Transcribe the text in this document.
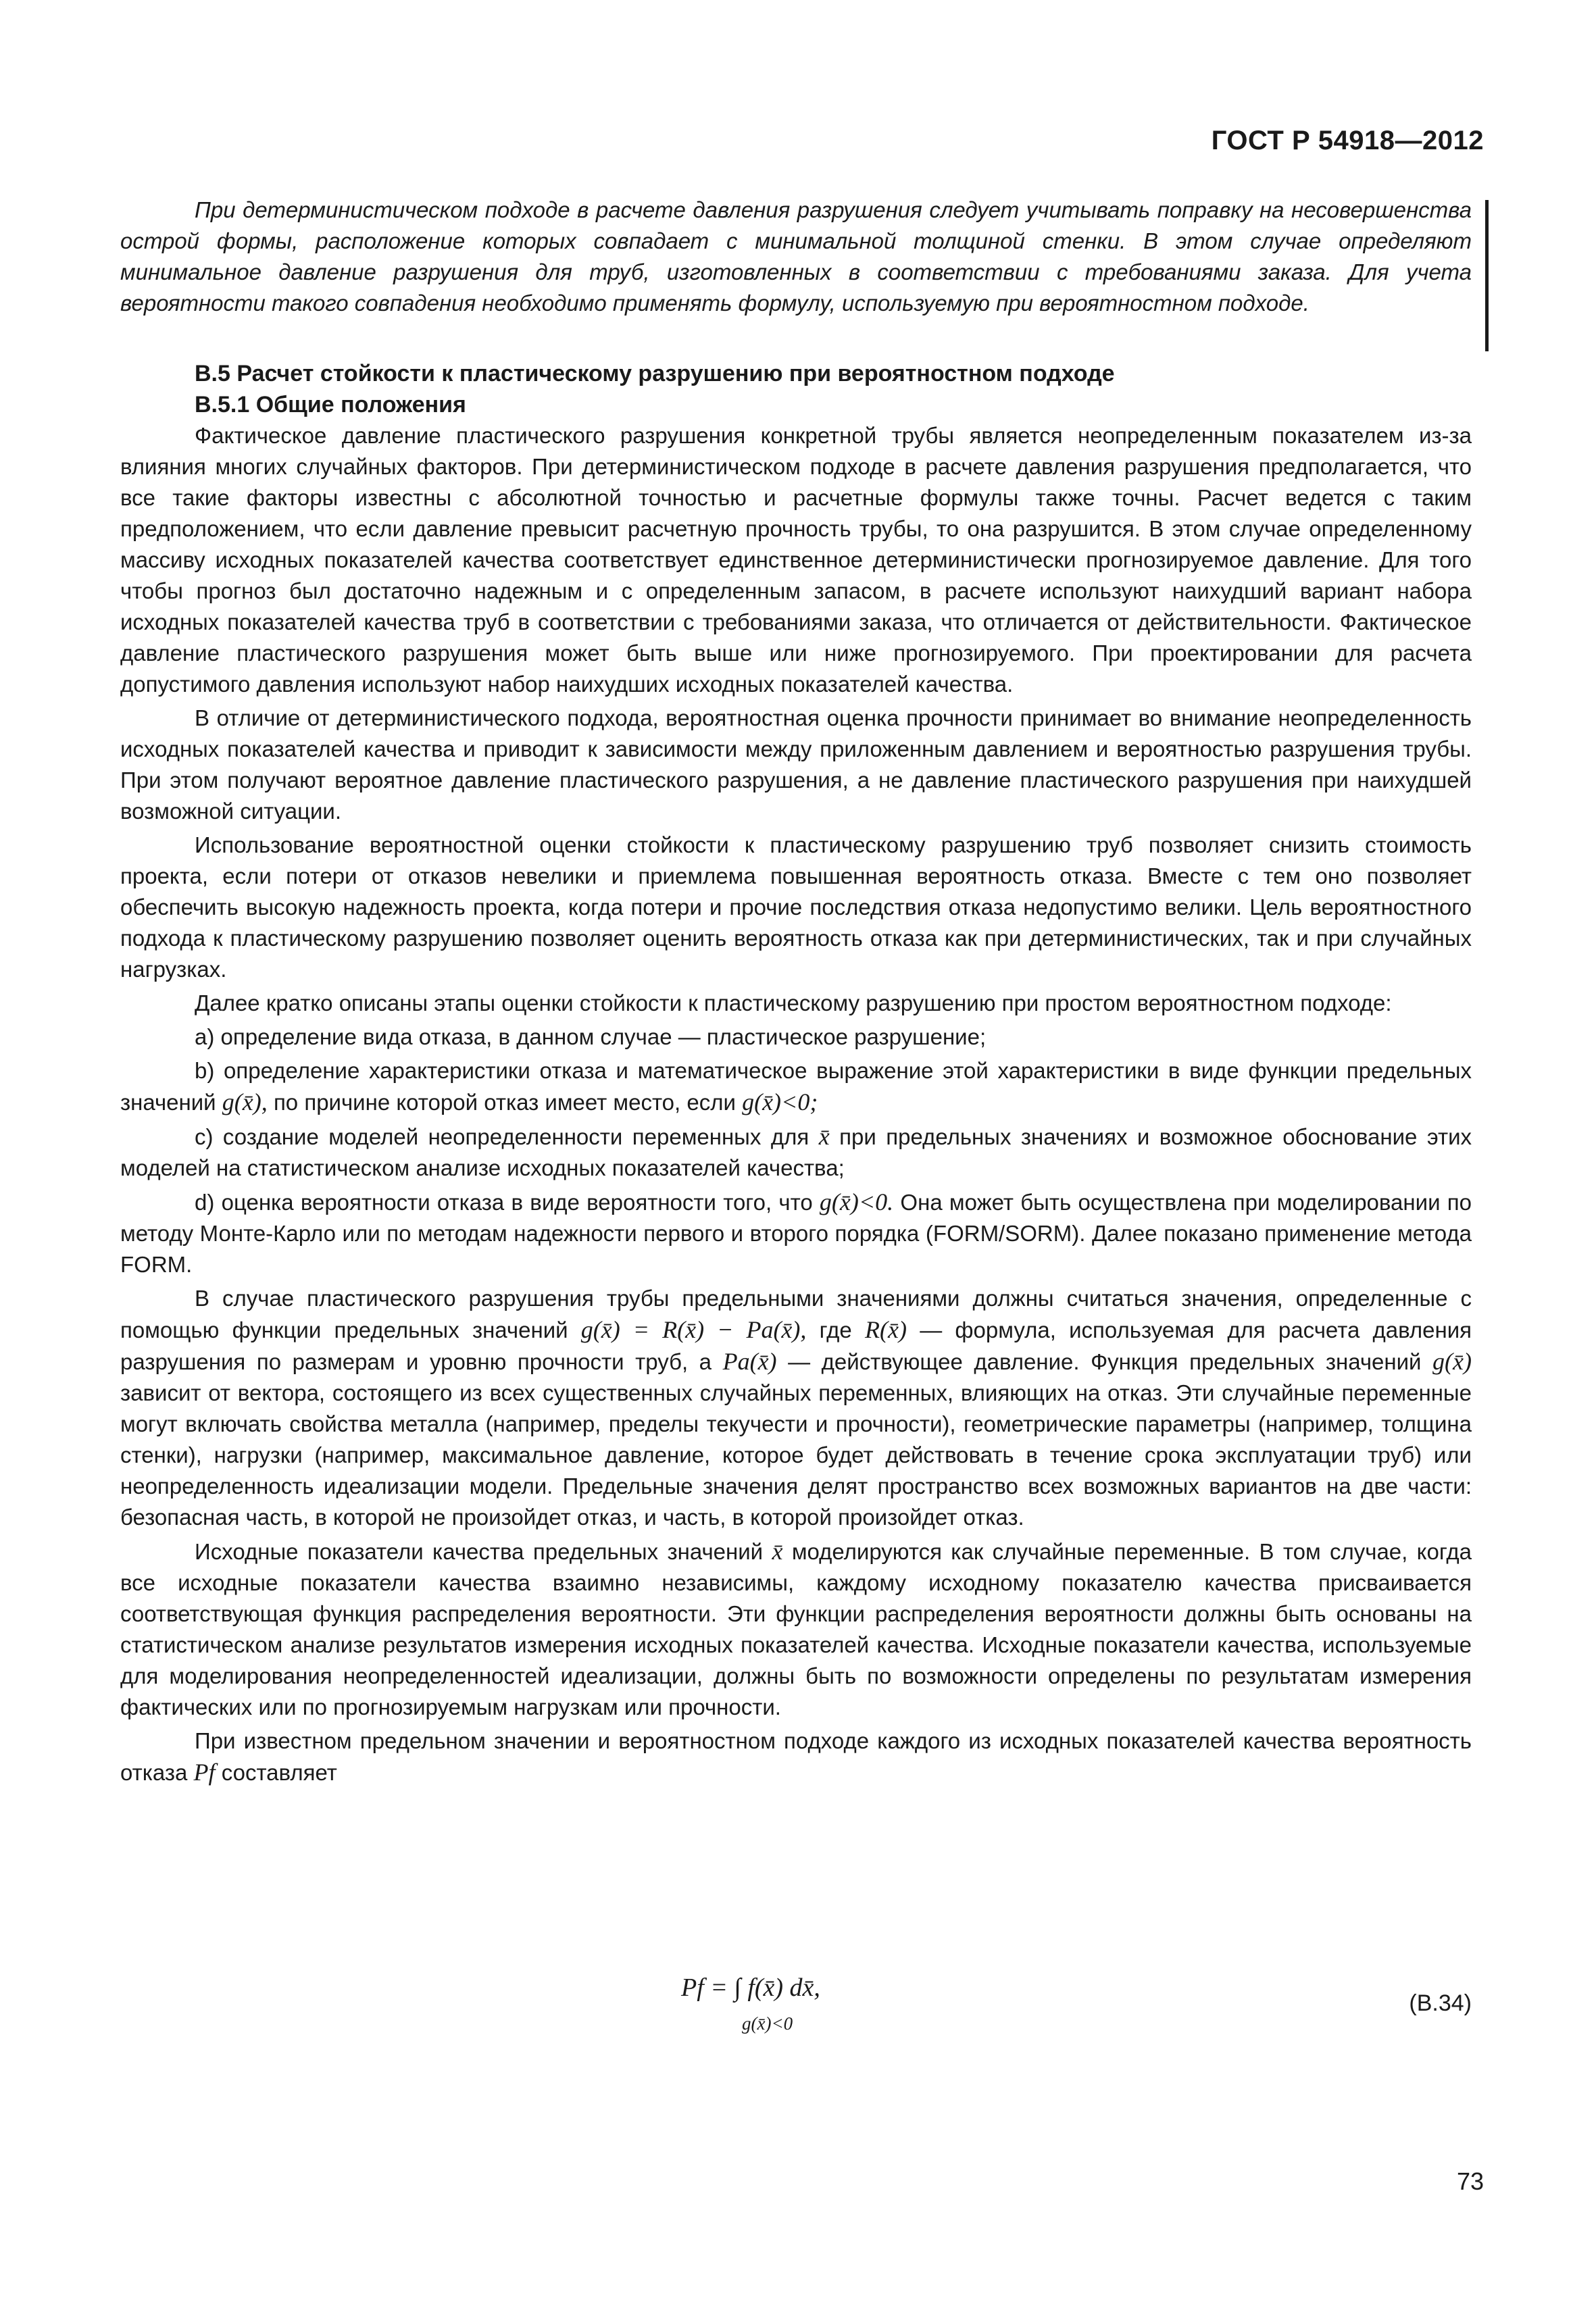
ГОСТ Р 54918—2012

При детерминистическом подходе в расчете давления разрушения следует учитывать поправку на несовершенства острой формы, расположение которых совпадает с минимальной толщиной стенки. В этом случае определяют минимальное давление разрушения для труб, изготовленных в соответствии с требованиями заказа. Для учета вероятности такого совпадения необходимо применять формулу, используемую при вероятностном подходе.

В.5 Расчет стойкости к пластическому разрушению при вероятностном подходе
В.5.1 Общие положения

Фактическое давление пластического разрушения конкретной трубы является неопределенным показателем из-за влияния многих случайных факторов. При детерминистическом подходе в расчете давления разрушения предполагается, что все такие факторы известны с абсолютной точностью и расчетные формулы также точны. Расчет ведется с таким предположением, что если давление превысит расчетную прочность трубы, то она разрушится. В этом случае определенному массиву исходных показателей качества соответствует единственное детерминистически прогнозируемое давление. Для того чтобы прогноз был достаточно надежным и с определенным запасом, в расчете используют наихудший вариант набора исходных показателей качества труб в соответствии с требованиями заказа, что отличается от действительности. Фактическое давление пластического разрушения может быть выше или ниже прогнозируемого. При проектировании для расчета допустимого давления используют набор наихудших исходных показателей качества.

В отличие от детерминистического подхода, вероятностная оценка прочности принимает во внимание неопределенность исходных показателей качества и приводит к зависимости между приложенным давлением и вероятностью разрушения трубы. При этом получают вероятное давление пластического разрушения, а не давление пластического разрушения при наихудшей возможной ситуации.

Использование вероятностной оценки стойкости к пластическому разрушению труб позволяет снизить стоимость проекта, если потери от отказов невелики и приемлема повышенная вероятность отказа. Вместе с тем оно позволяет обеспечить высокую надежность проекта, когда потери и прочие последствия отказа недопустимо велики. Цель вероятностного подхода к пластическому разрушению позволяет оценить вероятность отказа как при детерминистических, так и при случайных нагрузках.

Далее кратко описаны этапы оценки стойкости к пластическому разрушению при простом вероятностном подходе:

а) определение вида отказа, в данном случае — пластическое разрушение;

b) определение характеристики отказа и математическое выражение этой характеристики в виде функции предельных значений g(x̄), по причине которой отказ имеет место, если g(x̄)<0;

c) создание моделей неопределенности переменных для x̄ при предельных значениях и возможное обоснование этих моделей на статистическом анализе исходных показателей качества;

d) оценка вероятности отказа в виде вероятности того, что g(x̄)<0. Она может быть осуществлена при моделировании по методу Монте-Карло или по методам надежности первого и второго порядка (FORM/SORM). Далее показано применение метода FORM.

В случае пластического разрушения трубы предельными значениями должны считаться значения, определенные с помощью функции предельных значений g(x̄) = R(x̄) − Pa(x̄), где R(x̄) — формула, используемая для расчета давления разрушения по размерам и уровню прочности труб, а Pa(x̄) — действующее давление. Функция предельных значений g(x̄) зависит от вектора, состоящего из всех существенных случайных переменных, влияющих на отказ. Эти случайные переменные могут включать свойства металла (например, пределы текучести и прочности), геометрические параметры (например, толщина стенки), нагрузки (например, максимальное давление, которое будет действовать в течение срока эксплуатации труб) или неопределенность идеализации модели. Предельные значения делят пространство всех возможных вариантов на две части: безопасная часть, в которой не произойдет отказ, и часть, в которой произойдет отказ.

Исходные показатели качества предельных значений x̄ моделируются как случайные переменные. В том случае, когда все исходные показатели качества взаимно независимы, каждому исходному показателю качества присваивается соответствующая функция распределения вероятности. Эти функции распределения вероятности должны быть основаны на статистическом анализе результатов измерения исходных показателей качества. Исходные показатели качества, используемые для моделирования неопределенностей идеализации, должны быть по возможности определены по результатам измерения фактических или по прогнозируемым нагрузкам или прочности.

При известном предельном значении и вероятностном подходе каждого из исходных показателей качества вероятность отказа Pf составляет

Pf = ∫ f(x̄) dx̄,
g(x̄)<0
(В.34)
73
